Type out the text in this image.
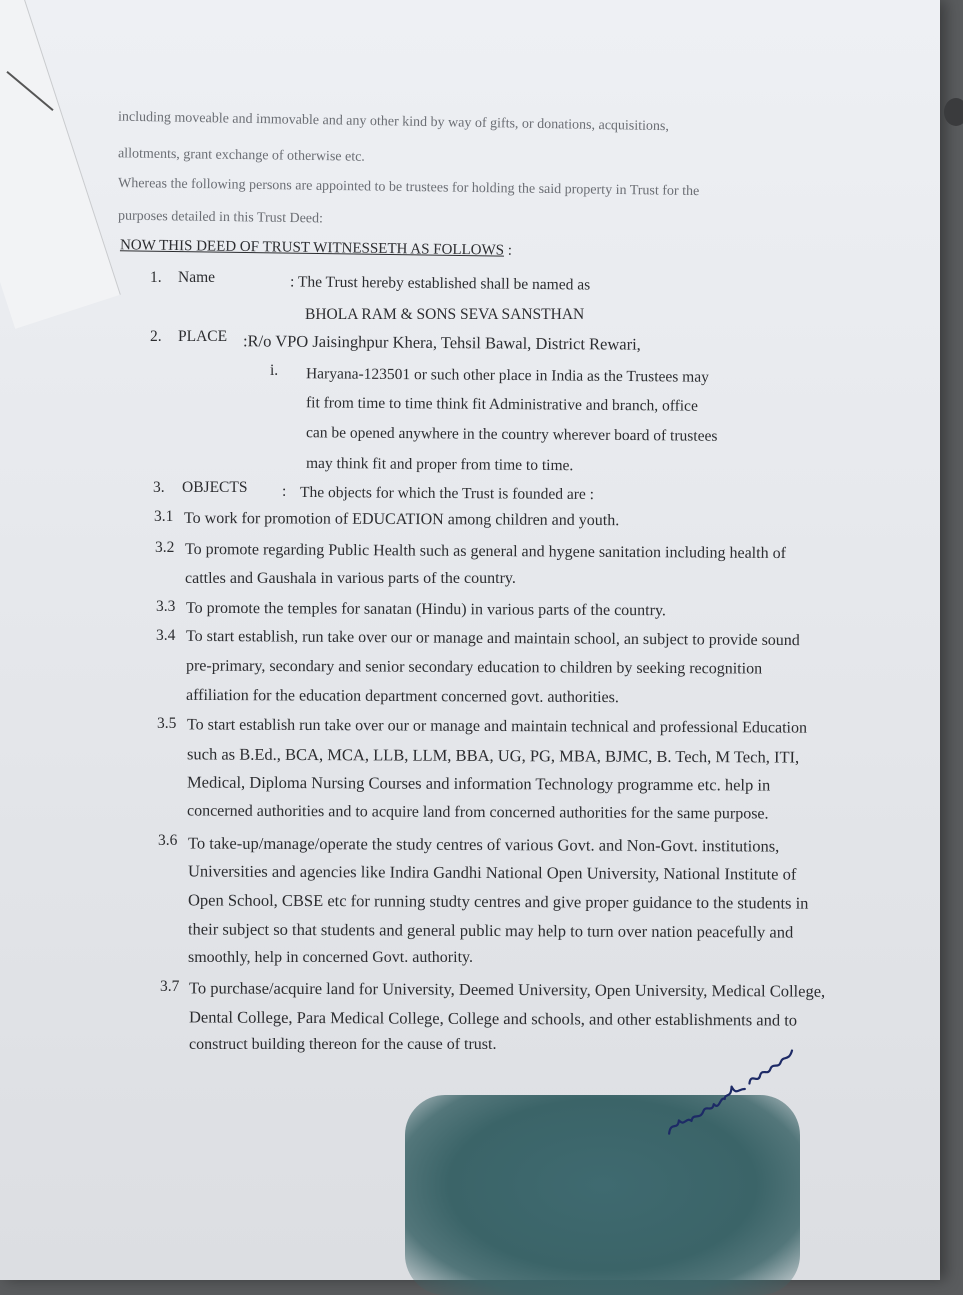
including moveable and immovable and any other kind by way of gifts, or donations, acquisitions,
allotments, grant exchange of otherwise etc.
Whereas the following persons are appointed to be trustees for holding the said property in Trust for the
purposes detailed in this Trust Deed:
NOW THIS DEED OF TRUST WITNESSETH AS FOLLOWS :
1. Name	: The Trust hereby established shall be named as
BHOLA RAM & SONS SEVA SANSTHAN
2. PLACE :R/o VPO Jaisinghpur Khera, Tehsil Bawal, District Rewari,
i. Haryana-123501 or such other place in India as the Trustees may
fit from time to time think fit Administrative and branch, office
can be opened anywhere in the country wherever board of trustees
may think fit and proper from time to time.
3. OBJECTS : The objects for which the Trust is founded are :
3.1 To work for promotion of EDUCATION among children and youth.
3.2 To promote regarding Public Health such as general and hygene sanitation including health of
cattles and Gaushala in various parts of the country.
3.3 To promote the temples for sanatan (Hindu) in various parts of the country.
3.4 To start establish, run take over our or manage and maintain school, an subject to provide sound
pre-primary, secondary and senior secondary education to children by seeking recognition
affiliation for the education department concerned govt. authorities.
3.5 To start establish run take over our or manage and maintain technical and professional Education
such as B.Ed., BCA, MCA, LLB, LLM, BBA, UG, PG, MBA, BJMC, B. Tech, M Tech, ITI,
Medical, Diploma Nursing Courses and information Technology programme etc. help in
concerned authorities and to acquire land from concerned authorities for the same purpose.
3.6 To take-up/manage/operate the study centres of various Govt. and Non-Govt. institutions,
Universities and agencies like Indira Gandhi National Open University, National Institute of
Open School, CBSE etc for running studty centres and give proper guidance to the students in
their subject so that students and general public may help to turn over nation peacefully and
smoothly, help in concerned Govt. authority.
3.7 To purchase/acquire land for University, Deemed University, Open University, Medical College,
Dental College, Para Medical College, College and schools, and other establishments and to
construct building thereon for the cause of trust.
